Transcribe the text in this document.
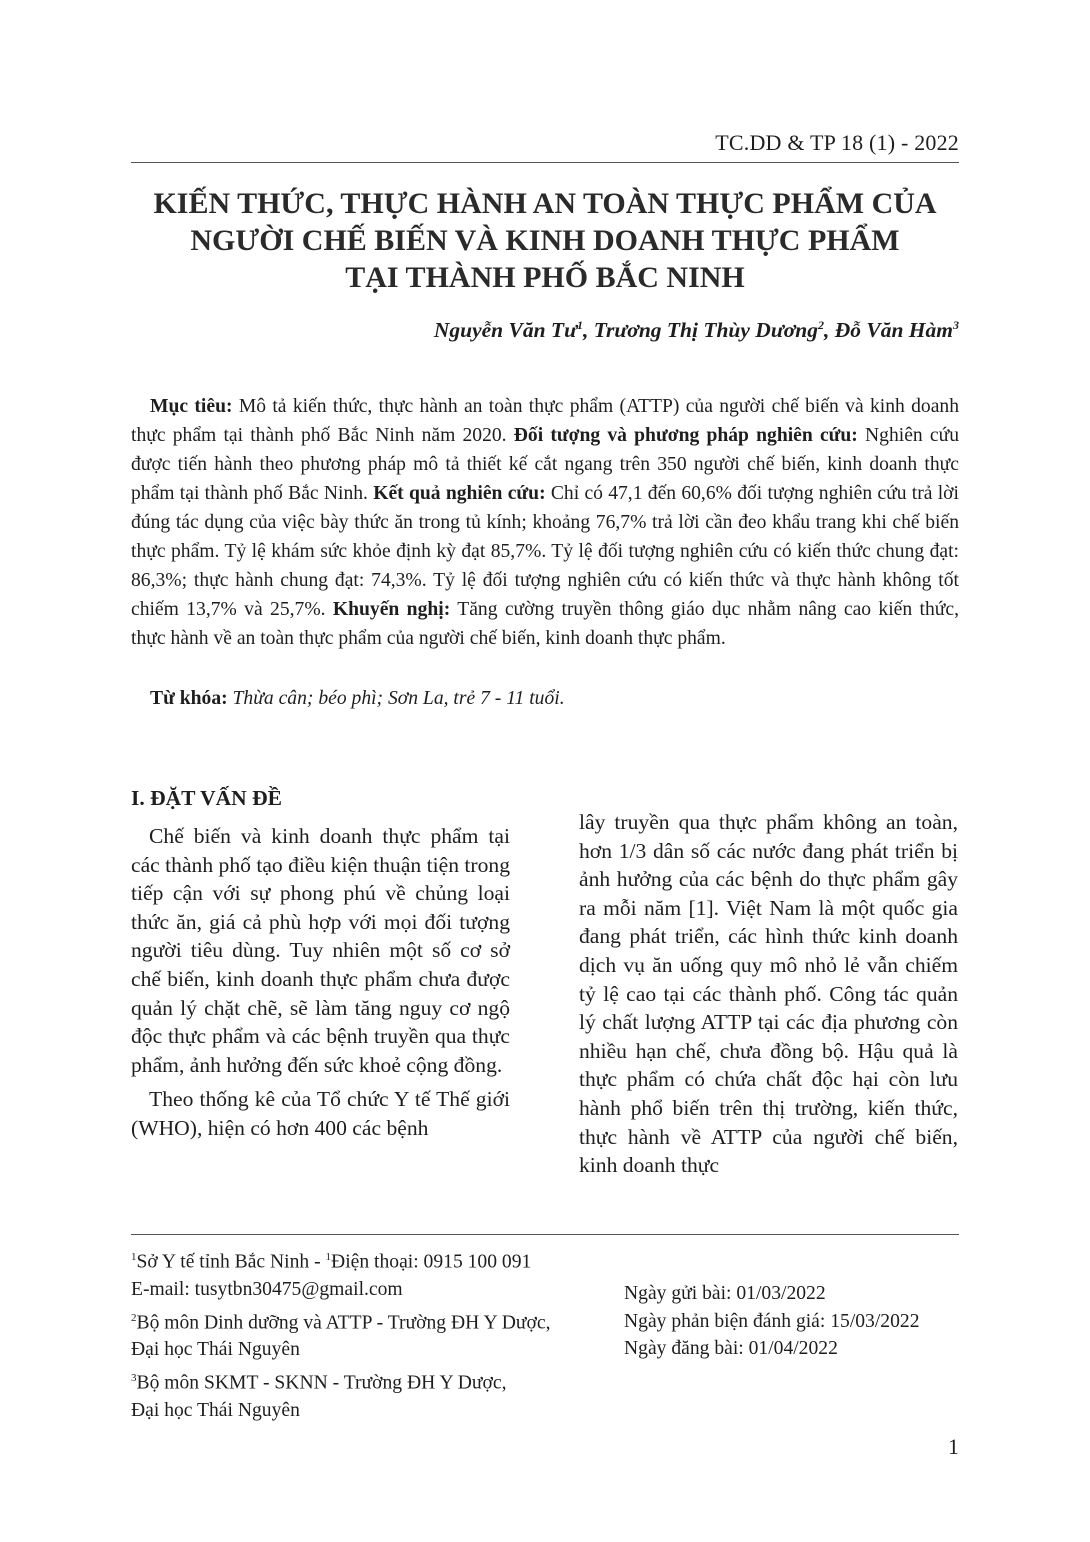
TC.DD & TP 18 (1) - 2022
KIẾN THỨC, THỰC HÀNH AN TOÀN THỰC PHẨM CỦA
NGƯỜI CHẾ BIẾN VÀ KINH DOANH THỰC PHẨM
TẠI THÀNH PHỐ BẮC NINH
Nguyễn Văn $Tư^1$, Trương Thị Thùy Dương$^2$, Đỗ Văn Hàm$^3$

Mục tiêu: Mô tả kiến thức, thực hành an toàn thực phẩm (ATTP) của người chế biến và kinh doanh thực phẩm tại thành phố Bắc Ninh năm 2020. Đối tượng và phương pháp nghiên cứu: Nghiên cứu được tiến hành theo phương pháp mô tả thiết kế cắt ngang trên 350 người chế biến, kinh doanh thực phẩm tại thành phố Bắc Ninh. Kết quả nghiên cứu: Chỉ có 47,1 đến 60,6% đối tượng nghiên cứu trả lời đúng tác dụng của việc bày thức ăn trong tủ kính; khoảng 76,7% trả lời cần đeo khẩu trang khi chế biến thực phẩm. Tỷ lệ khám sức khỏe định kỳ đạt 85,7%. Tỷ lệ đối tượng nghiên cứu có kiến thức chung đạt: 86,3%; thực hành chung đạt: 74,3%. Tỷ lệ đối tượng nghiên cứu có kiến thức và thực hành không tốt chiếm 13,7% và 25,7%. Khuyến nghị: Tăng cường truyền thông giáo dục nhằm nâng cao kiến thức, thực hành về an toàn thực phẩm của người chế biến, kinh doanh thực phẩm.

Từ khóa: Thừa cân; béo phì; Sơn La, trẻ 7 - 11 tuổi.
I. ĐẶT VẤN ĐỀ

Chế biến và kinh doanh thực phẩm tại các thành phố tạo điều kiện thuận tiện trong tiếp cận với sự phong phú về chủng loại thức ăn, giá cả phù hợp với mọi đối tượng người tiêu dùng. Tuy nhiên một số cơ sở chế biến, kinh doanh thực phẩm chưa được quản lý chặt chẽ, sẽ làm tăng nguy cơ ngộ độc thực phẩm và các bệnh truyền qua thực phẩm, ảnh hưởng đến sức khoẻ cộng đồng.

Theo thống kê của Tổ chức Y tế Thế giới (WHO), hiện có hơn 400 các bệnh

lây truyền qua thực phẩm không an toàn, hơn 1/3 dân số các nước đang phát triển bị ảnh hưởng của các bệnh do thực phẩm gây ra mỗi năm [1]. Việt Nam là một quốc gia đang phát triển, các hình thức kinh doanh dịch vụ ăn uống quy mô nhỏ lẻ vẫn chiếm tỷ lệ cao tại các thành phố. Công tác quản lý chất lượng ATTP tại các địa phương còn nhiều hạn chế, chưa đồng bộ. Hậu quả là thực phẩm có chứa chất độc hại còn lưu hành phổ biến trên thị trường, kiến thức, thực hành về ATTP của người chế biến, kinh doanh thực

$^1$Sở Y tế tỉnh Bắc Ninh - $^1$Điện thoại: 0915 100 091
E-mail: tusytbn30475@gmail.com

$^2$Bộ môn Dinh dưỡng và ATTP - Trường ĐH Y Dược,
Đại học Thái Nguyên

$^3$Bộ môn SKMT - SKNN - Trường ĐH Y Dược,
Đại học Thái Nguyên

Ngày gửi bài: 01/03/2022
Ngày phản biện đánh giá: 15/03/2022
Ngày đăng bài: 01/04/2022
1
